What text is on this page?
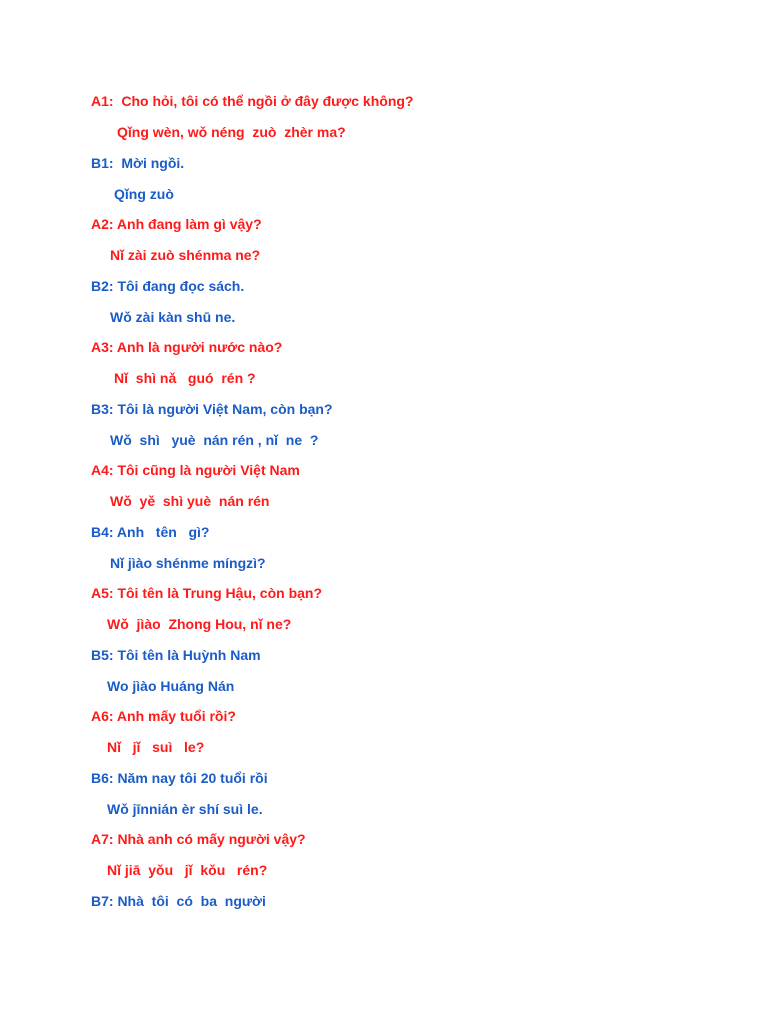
A1:  Cho hỏi, tôi có thể ngồi ở đây được không?
Qǐng wèn, wǒ néng  zuò  zhèr ma?
B1:  Mời ngồi.
Qǐng zuò
A2: Anh đang làm gì vậy?
Nǐ zài zuò shénma ne?
B2: Tôi đang đọc sách.
Wǒ zài kàn shū ne.
A3: Anh là người nước nào?
Nǐ  shì nǎ   guó  rén ?
B3: Tôi là người Việt Nam, còn bạn?
Wǒ  shì   yuè  nán rén , nǐ  ne  ?
A4: Tôi cũng là người Việt Nam
Wǒ  yě  shì yuè  nán rén
B4: Anh   tên   gì?
Nǐ jìào shénme míngzì?
A5: Tôi tên là Trung Hậu, còn bạn?
Wǒ  jìào  Zhong Hou, nǐ ne?
B5: Tôi tên là Huỳnh Nam
Wo jìào Huáng Nán
A6: Anh mấy tuổi rồi?
Nǐ   jǐ   suì   le?
B6: Năm nay tôi 20 tuổi rồi
Wǒ jīnnián èr shí suì le.
A7: Nhà anh có mấy người vậy?
Nǐ jiā  yǒu   jǐ  kǒu   rén?
B7: Nhà  tôi  có  ba  người
